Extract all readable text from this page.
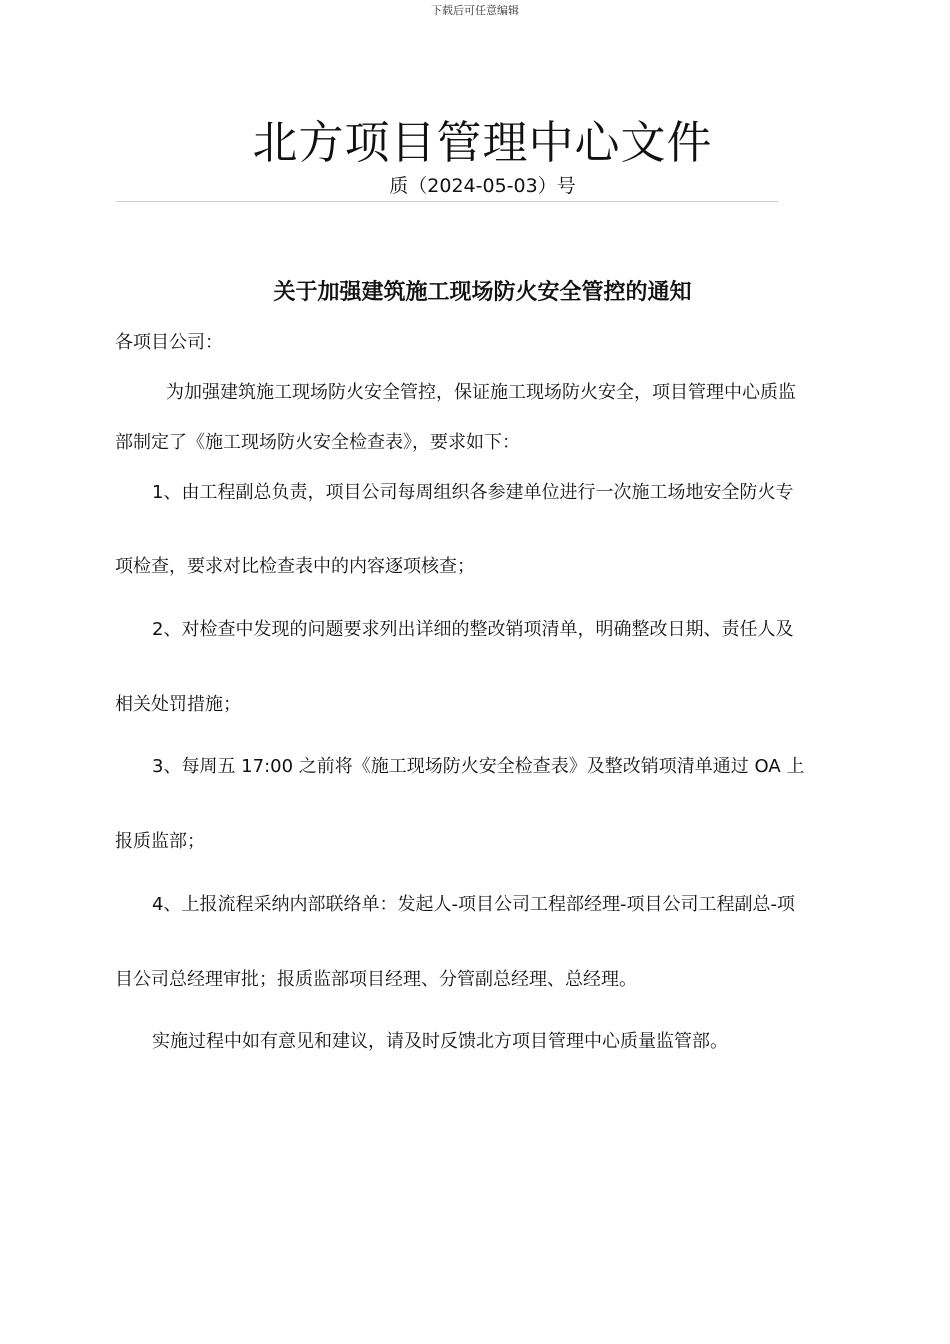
下载后可任意编辑
北方项目管理中心文件
质（2024-05-03）号
关于加强建筑施工现场防火安全管控的通知
各项目公司：
为加强建筑施工现场防火安全管控，保证施工现场防火安全，项目管理中心质监
部制定了《施工现场防火安全检查表》，要求如下：
1、由工程副总负责，项目公司每周组织各参建单位进行一次施工场地安全防火专
项检查，要求对比检查表中的内容逐项核查；
2、对检查中发现的问题要求列出详细的整改销项清单，明确整改日期、责任人及
相关处罚措施；
3、每周五 17:00 之前将《施工现场防火安全检查表》及整改销项清单通过 OA 上
报质监部；
4、上报流程采纳内部联络单：发起人-项目公司工程部经理-项目公司工程副总-项
目公司总经理审批；报质监部项目经理、分管副总经理、总经理。
实施过程中如有意见和建议，请及时反馈北方项目管理中心质量监管部。
